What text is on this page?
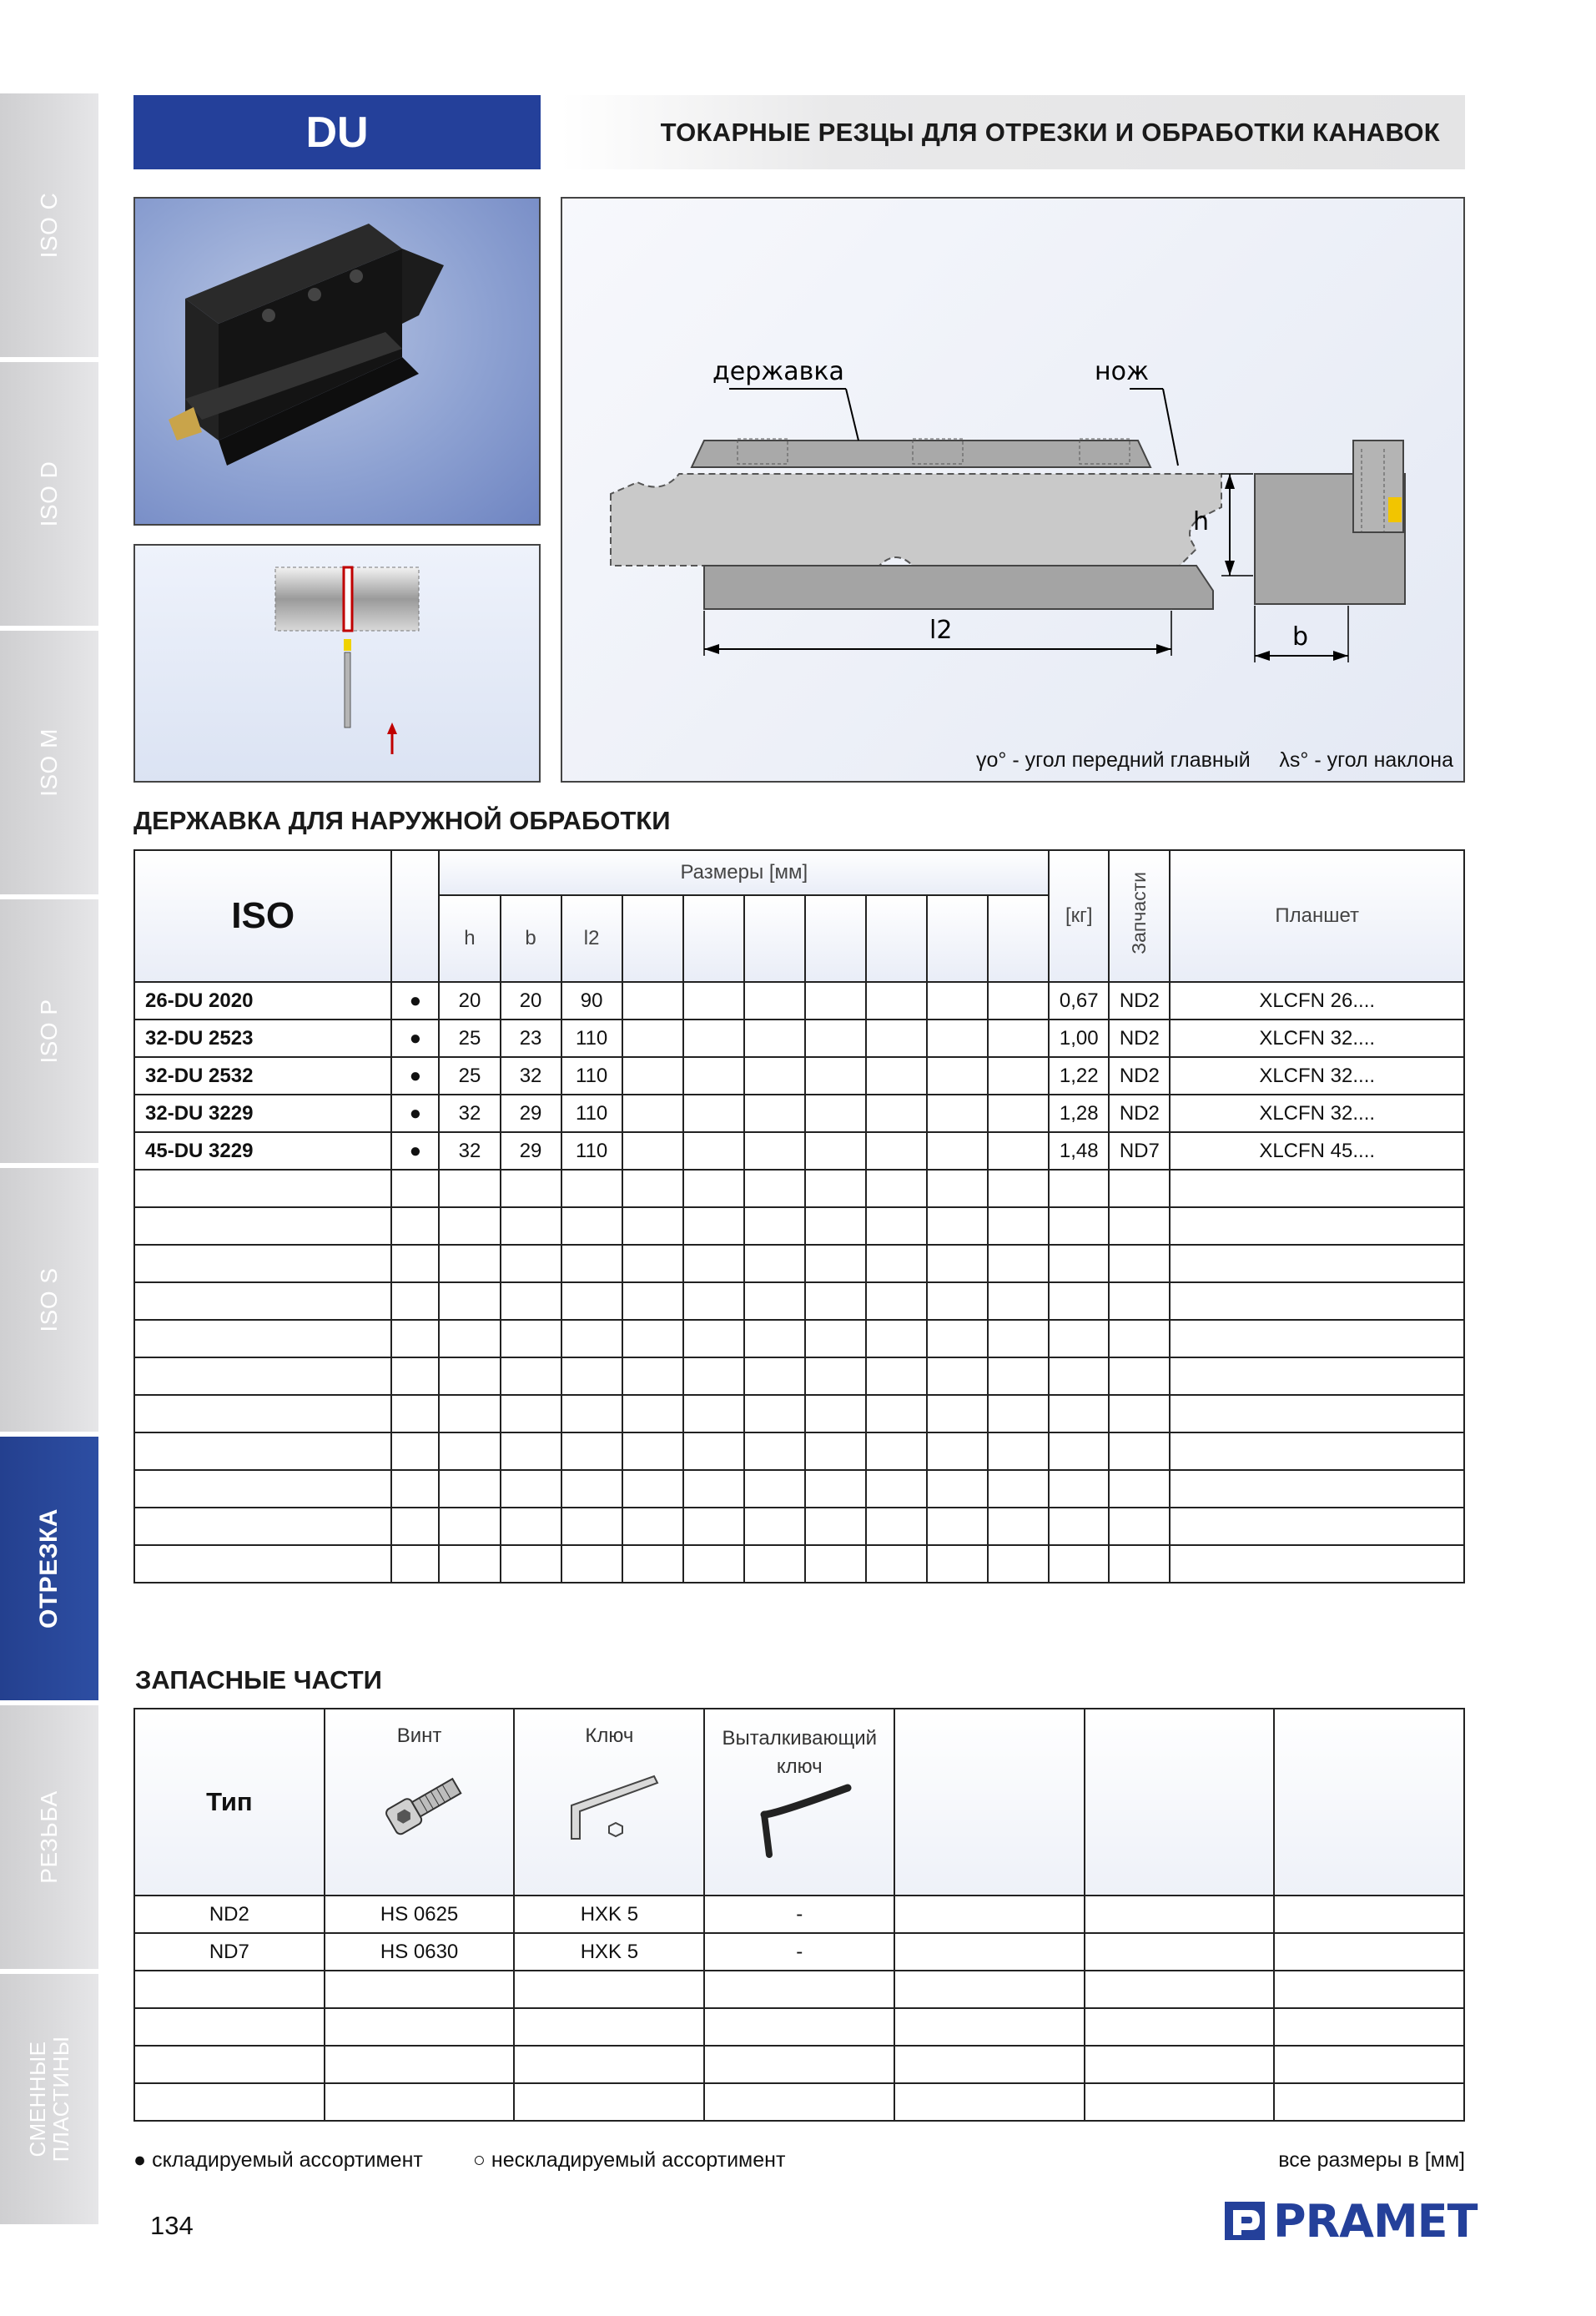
ISO C
ISO D
ISO M
ISO P
ISO S
ОТРЕЗКА
РЕЗЬБА
СМЕННЫЕ ПЛАСТИНЫ
DU	ТОКАРНЫЕ РЕЗЦЫ ДЛЯ ОТРЕЗКИ И ОБРАБОТКИ КАНАВОК
державка	нож
l2
h
b
γo° - угол передний главный λs° - угол наклона
ДЕРЖАВКА ДЛЯ НАРУЖНОЙ ОБРАБОТКИ
ISO		Размеры [мм]										[кг]	Запчасти	Планшет
		h	b	l2										
26-DU 2020	●	20	20	90								0,67	ND2	XLCFN 26....
32-DU 2523	●	25	23	110								1,00	ND2	XLCFN 32....
32-DU 2532	●	25	32	110								1,22	ND2	XLCFN 32....
32-DU 3229	●	32	29	110								1,28	ND2	XLCFN 32....
45-DU 3229	●	32	29	110								1,48	ND7	XLCFN 45....

ЗАПАСНЫЕ ЧАСТИ
Тип	Винт	Ключ	Выталкивающий
ключ			

ND2	HS 0625	HXK 5	-			
ND7	HS 0630	HXK 5	-			

● складируемый ассортимент ○ нескладируемый ассортимент	все размеры в [мм]
134	PRAMET
